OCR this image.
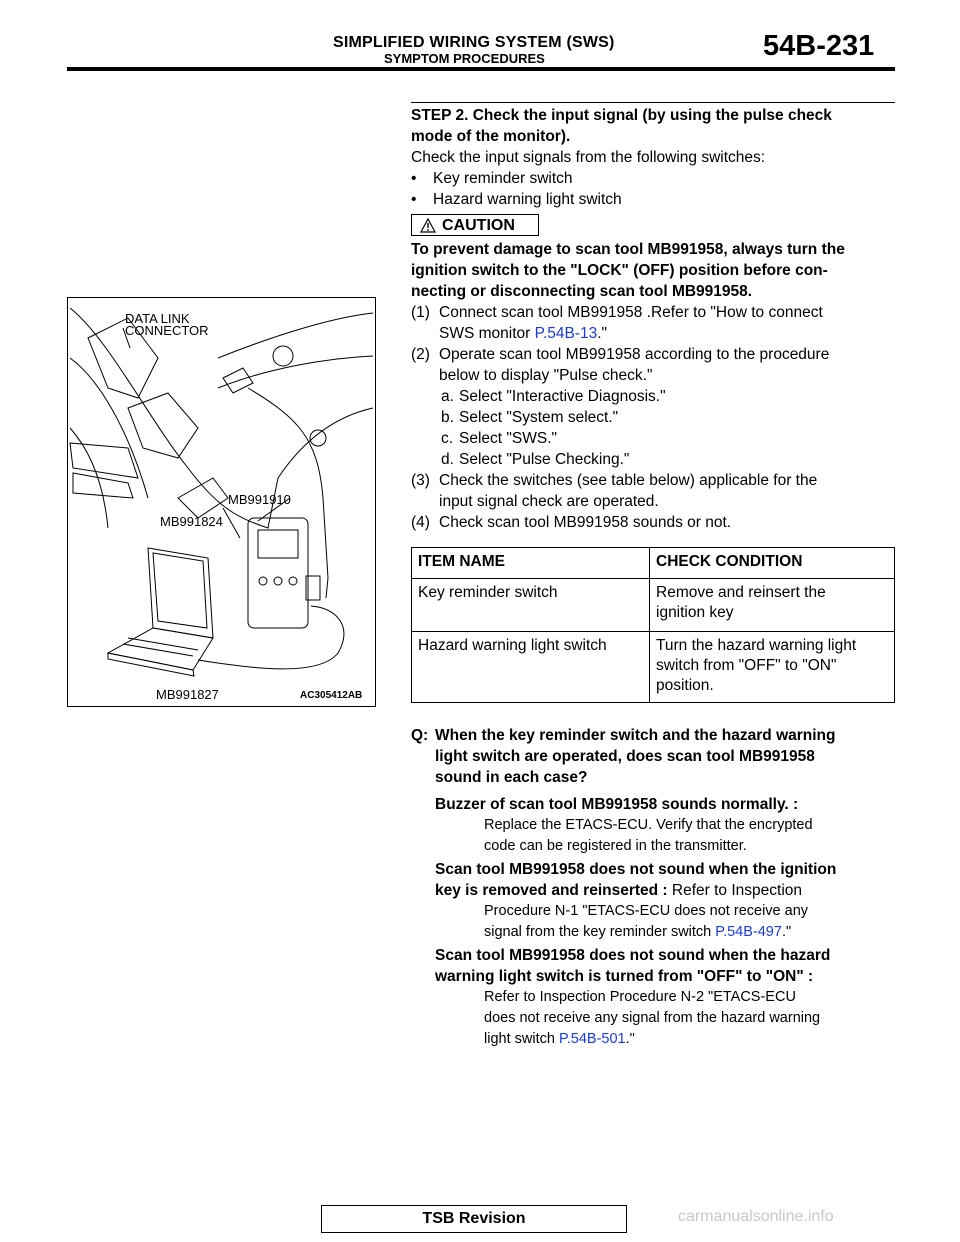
SIMPLIFIED WIRING SYSTEM (SWS)
SYMPTOM PROCEDURES	54B-231
DATA LINK
CONNECTOR
MB991910
MB991824
MB991827	AC305412AB
STEP 2. Check the input signal (by using the pulse check
mode of the monitor).
Check the input signals from the following switches:
• Key reminder switch
• Hazard warning light switch
CAUTION
To prevent damage to scan tool MB991958, always turn the
ignition switch to the "LOCK" (OFF) position before con-
necting or disconnecting scan tool MB991958.
(1) Connect scan tool MB991958 .Refer to "How to connect
SWS monitor P.54B-13."
(2) Operate scan tool MB991958 according to the procedure
below to display "Pulse check."
a. Select "Interactive Diagnosis."
b. Select "System select."
c. Select "SWS."
d. Select "Pulse Checking."
(3) Check the switches (see table below) applicable for the
input signal check are operated.
(4) Check scan tool MB991958 sounds or not.
ITEM NAME	CHECK CONDITION
Key reminder switch	Remove and reinsert the
ignition key

Hazard warning light switch	Turn the hazard warning light
switch from "OFF" to "ON"
position.
Q: When the key reminder switch and the hazard warning
light switch are operated, does scan tool MB991958
sound in each case?
Buzzer of scan tool MB991958 sounds normally. :
Replace the ETACS-ECU. Verify that the encrypted
code can be registered in the transmitter.
Scan tool MB991958 does not sound when the ignition
key is removed and reinserted : Refer to Inspection
Procedure N-1 "ETACS-ECU does not receive any
signal from the key reminder switch P.54B-497."
Scan tool MB991958 does not sound when the hazard
warning light switch is turned from "OFF" to "ON" :
Refer to Inspection Procedure N-2 "ETACS-ECU
does not receive any signal from the hazard warning
light switch P.54B-501."
TSB Revision	carmanualsonline.info
